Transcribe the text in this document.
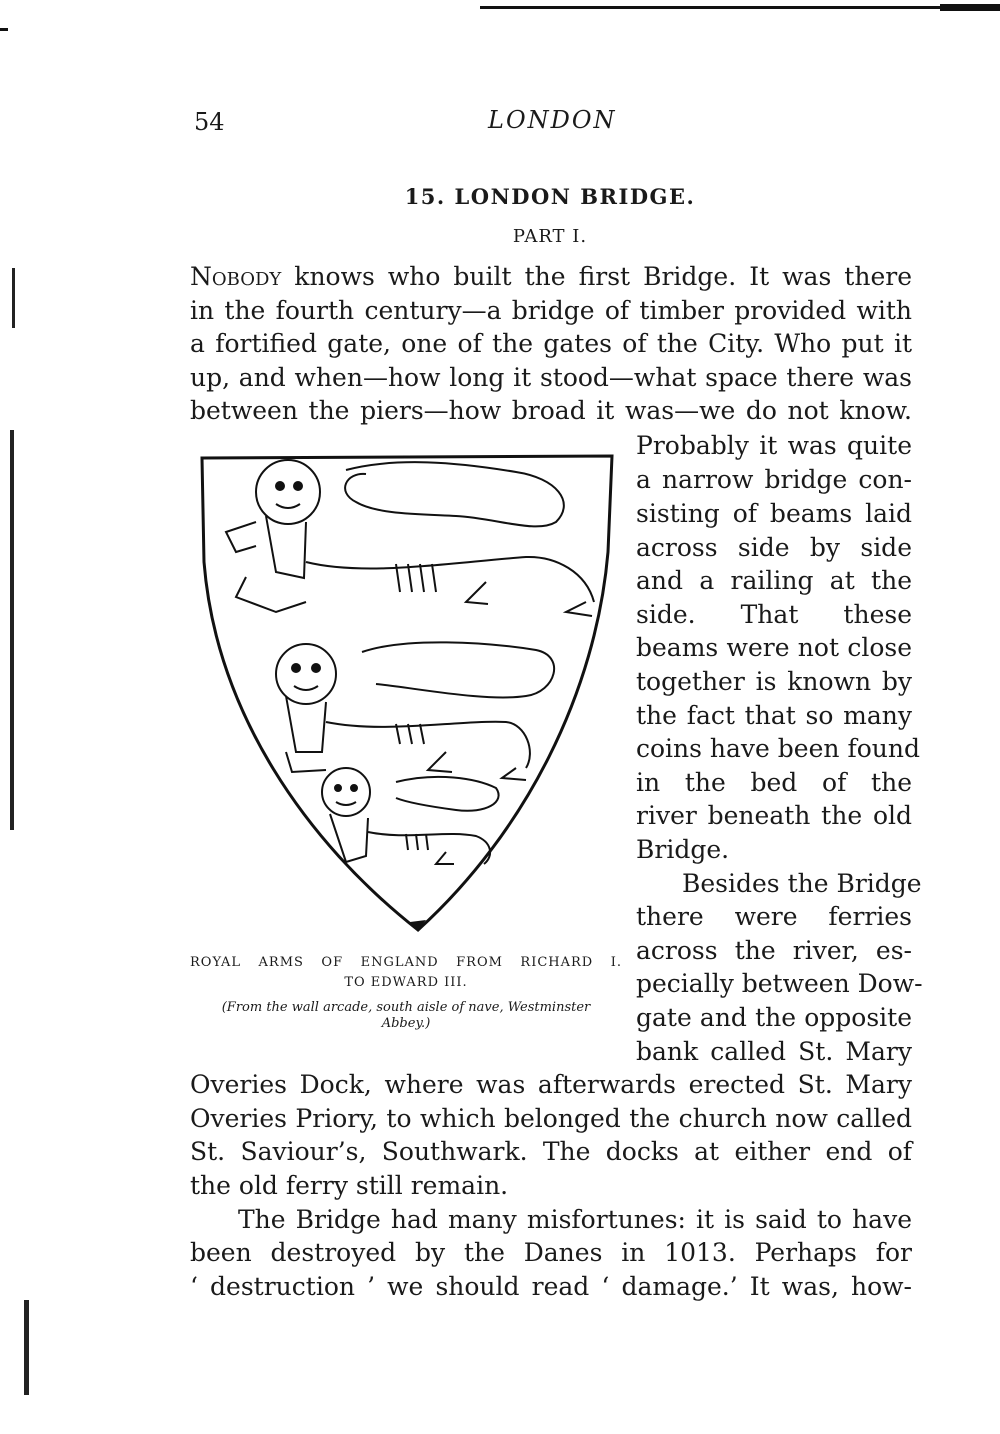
54	LONDON
15. LONDON BRIDGE.
PART I.
Nobody knows who built the first Bridge. It was there
in the fourth century—a bridge of timber provided with
a fortified gate, one of the gates of the City. Who put it
up, and when—how long it stood—what space there was
between the piers—how broad it was—we do not know.
Probably it was quite
a narrow bridge con-
sisting of beams laid
across side by side
and a railing at the
side. That these
beams were not close
together is known by
the fact that so many
coins have been found
in the bed of the
river beneath the old
Bridge.
Besides the Bridge
there were ferries
across the river, es-
pecially between Dow-
gate and the opposite
bank called St. Mary
Overies Dock, where was afterwards erected St. Mary
Overies Priory, to which belonged the church now called
St. Saviour’s, Southwark. The docks at either end of
the old ferry still remain.
The Bridge had many misfortunes: it is said to have
been destroyed by the Danes in 1013. Perhaps for
‘ destruction ’ we should read ‘ damage.’ It was, how-
ROYAL ARMS OF ENGLAND FROM RICHARD I.
TO EDWARD III.
(From the wall arcade, south aisle of nave, Westminster Abbey.)
